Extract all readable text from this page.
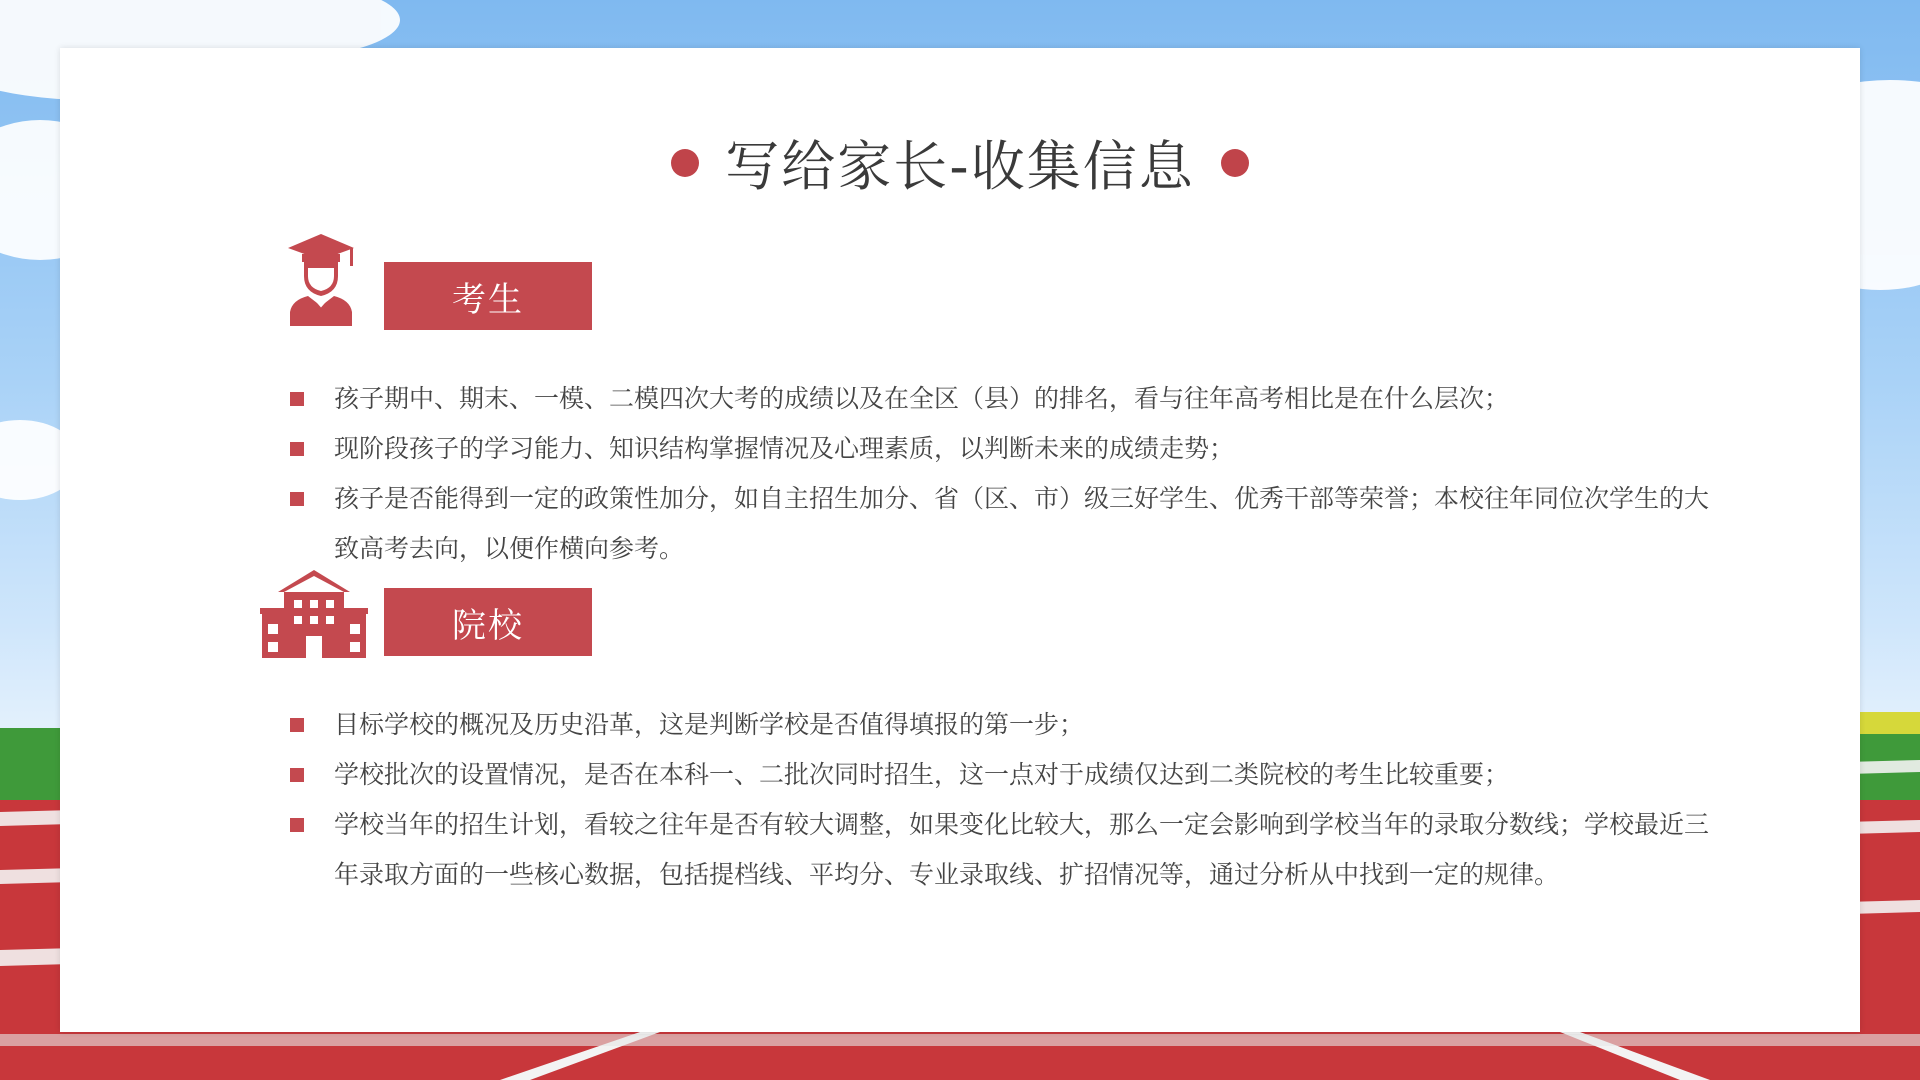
写给家长-收集信息
考生
孩子期中、期末、一模、二模四次大考的成绩以及在全区（县）的排名，看与往年高考相比是在什么层次；
现阶段孩子的学习能力、知识结构掌握情况及心理素质，以判断未来的成绩走势；
孩子是否能得到一定的政策性加分，如自主招生加分、省（区、市）级三好学生、优秀干部等荣誉；本校往年同位次学生的大致高考去向，以便作横向参考。
院校
目标学校的概况及历史沿革，这是判断学校是否值得填报的第一步；
学校批次的设置情况，是否在本科一、二批次同时招生，这一点对于成绩仅达到二类院校的考生比较重要；
学校当年的招生计划，看较之往年是否有较大调整，如果变化比较大，那么一定会影响到学校当年的录取分数线；学校最近三年录取方面的一些核心数据，包括提档线、平均分、专业录取线、扩招情况等，通过分析从中找到一定的规律。
